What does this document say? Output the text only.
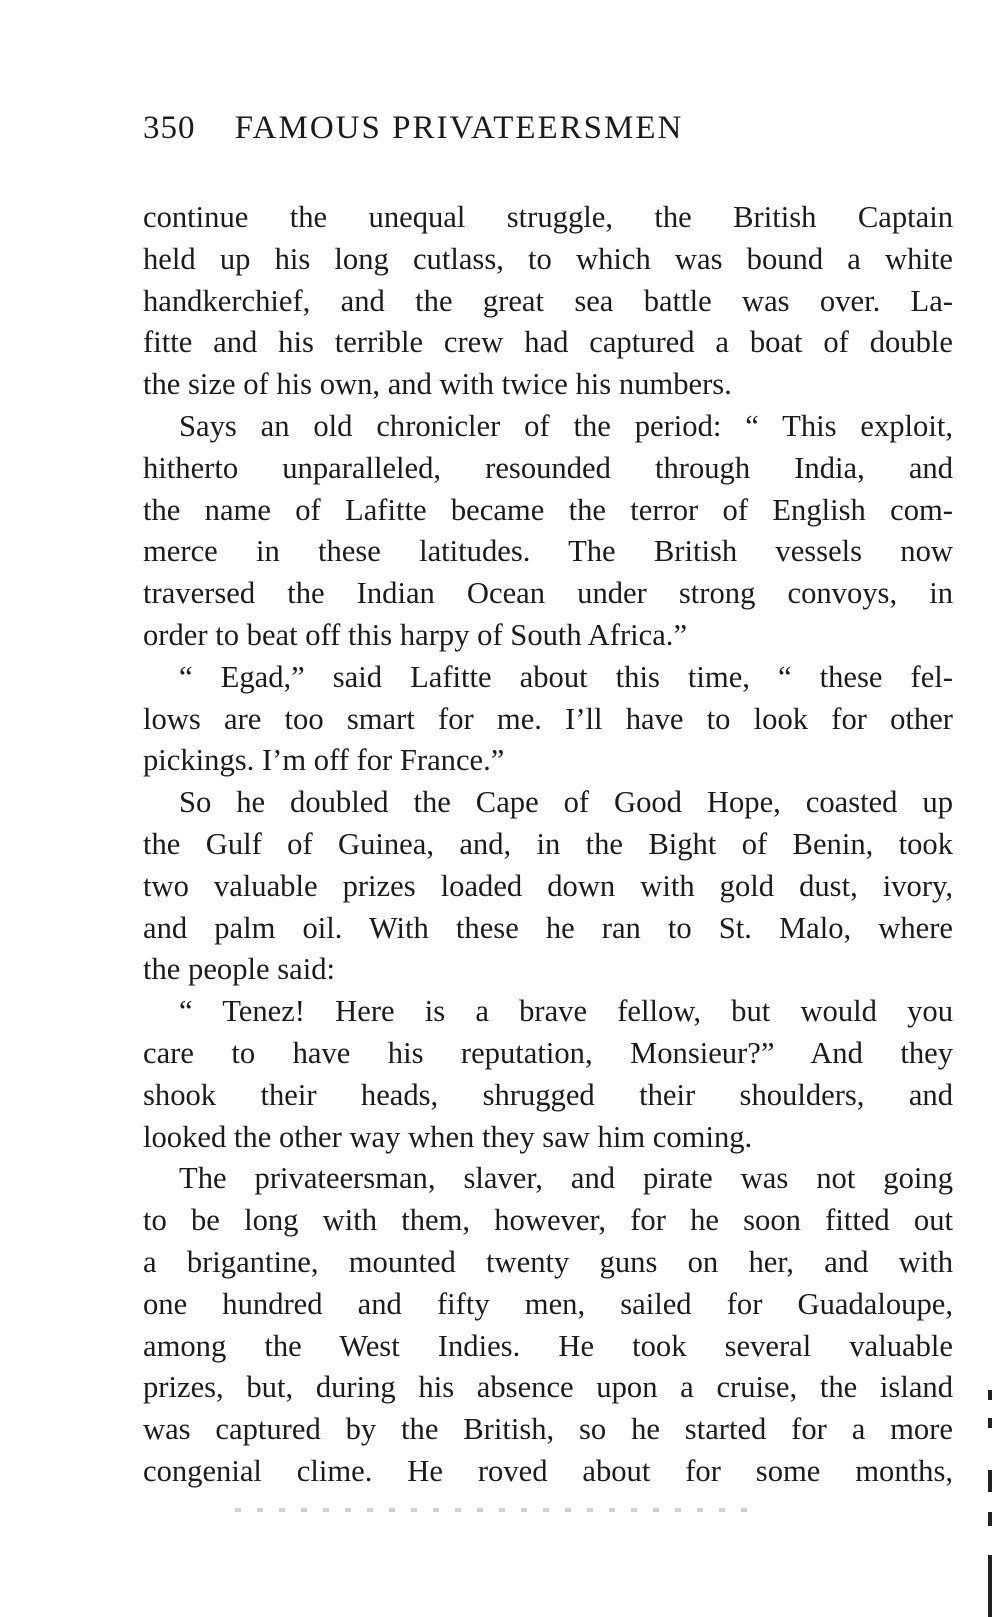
350 FAMOUS PRIVATEERSMEN
continue the unequal struggle, the British Captain
held up his long cutlass, to which was bound a white
handkerchief, and the great sea battle was over. La-
fitte and his terrible crew had captured a boat of double
the size of his own, and with twice his numbers.
Says an old chronicler of the period: “ This exploit,
hitherto unparalleled, resounded through India, and
the name of Lafitte became the terror of English com-
merce in these latitudes. The British vessels now
traversed the Indian Ocean under strong convoys, in
order to beat off this harpy of South Africa.”
“ Egad,” said Lafitte about this time, “ these fel-
lows are too smart for me. I’ll have to look for other
pickings. I’m off for France.”
So he doubled the Cape of Good Hope, coasted up
the Gulf of Guinea, and, in the Bight of Benin, took
two valuable prizes loaded down with gold dust, ivory,
and palm oil. With these he ran to St. Malo, where
the people said:
“ Tenez! Here is a brave fellow, but would you
care to have his reputation, Monsieur?” And they
shook their heads, shrugged their shoulders, and
looked the other way when they saw him coming.
The privateersman, slaver, and pirate was not going
to be long with them, however, for he soon fitted out
a brigantine, mounted twenty guns on her, and with
one hundred and fifty men, sailed for Guadaloupe,
among the West Indies. He took several valuable
prizes, but, during his absence upon a cruise, the island
was captured by the British, so he started for a more
congenial clime. He roved about for some months,
